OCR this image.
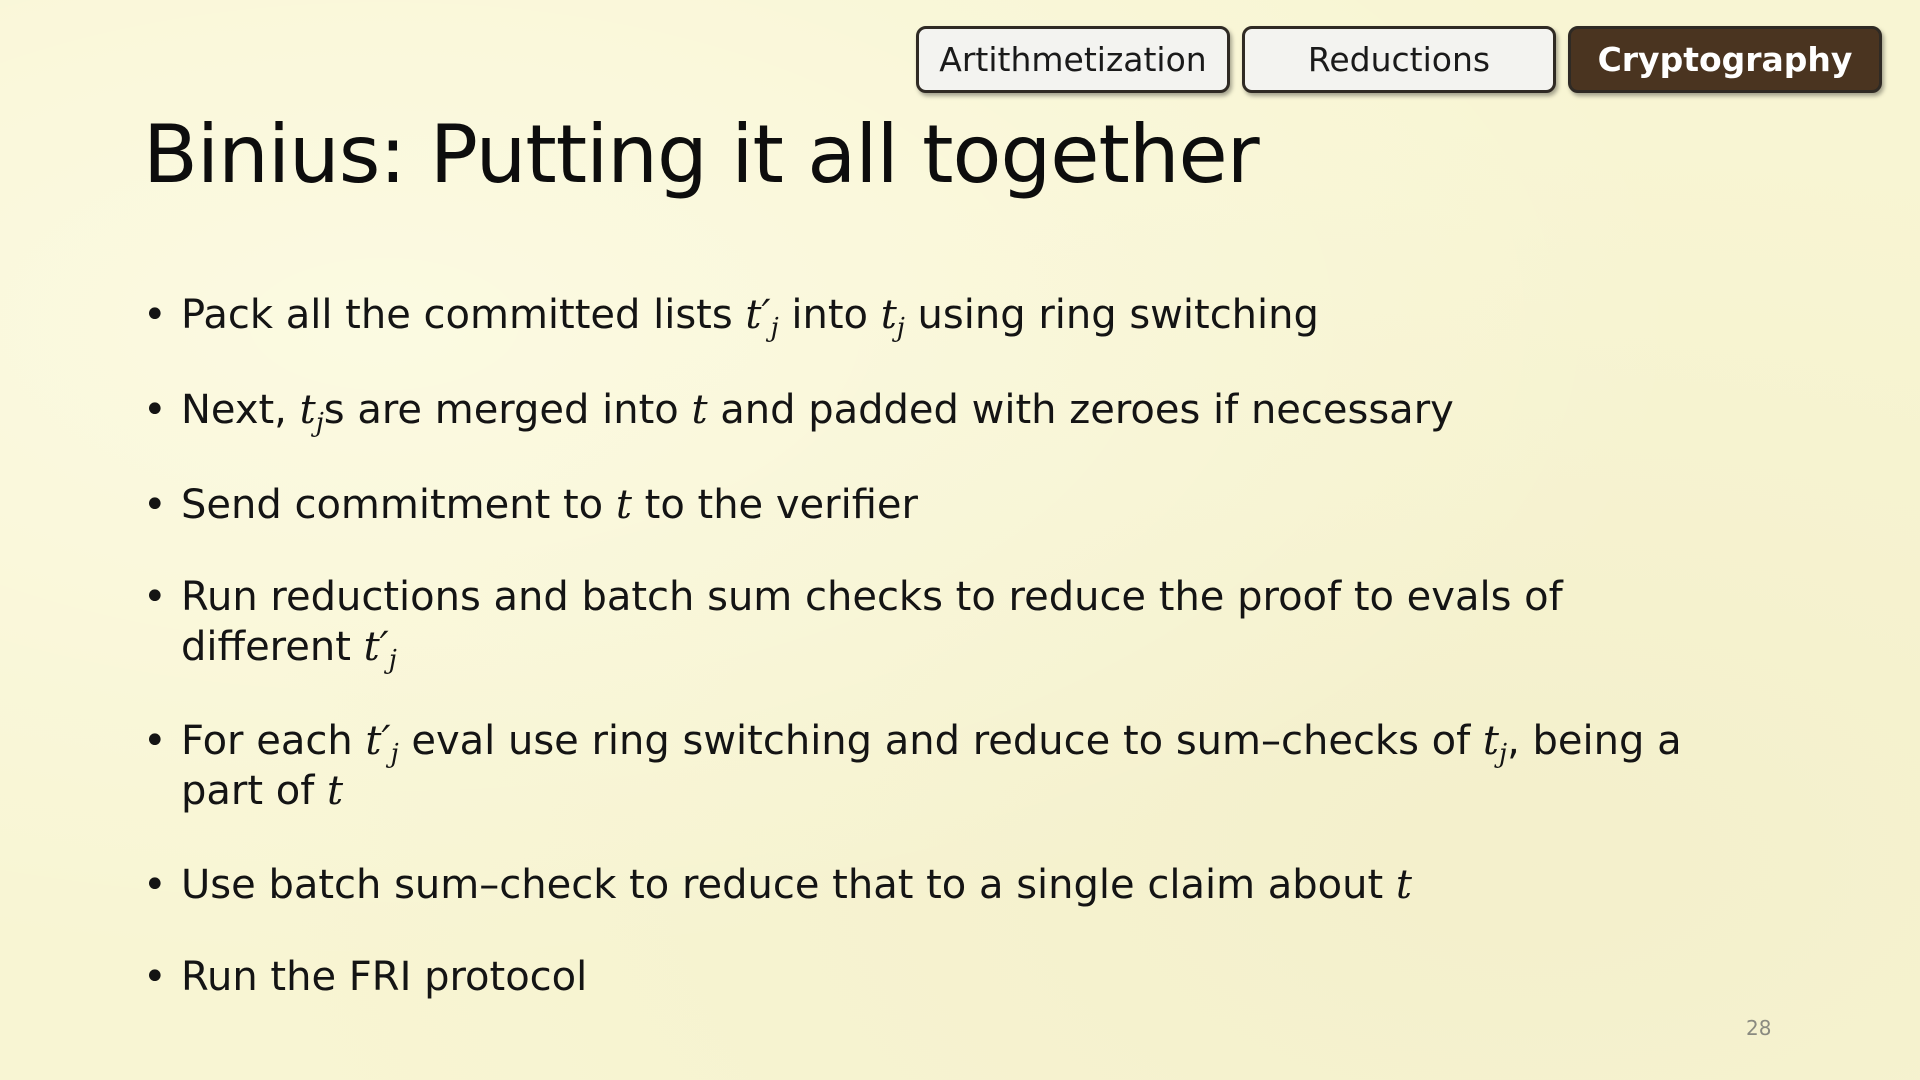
Artithmetization	Reductions	Cryptography
Binius: Putting it all together
• Pack all the committed lists $t'_j$ into $t_j$ using ring switching
• Next, $t_js$ are merged into t and padded with zeroes if necessary
• Send commitment to t to the verifier
• Run reductions and batch sum checks to reduce the proof to evals of different $t'_j$
• For each $t'_j$ eval use ring switching and reduce to sum–checks of $t_j$, being a part of t
• Use batch sum–check to reduce that to a single claim about t
• Run the FRI protocol
28
